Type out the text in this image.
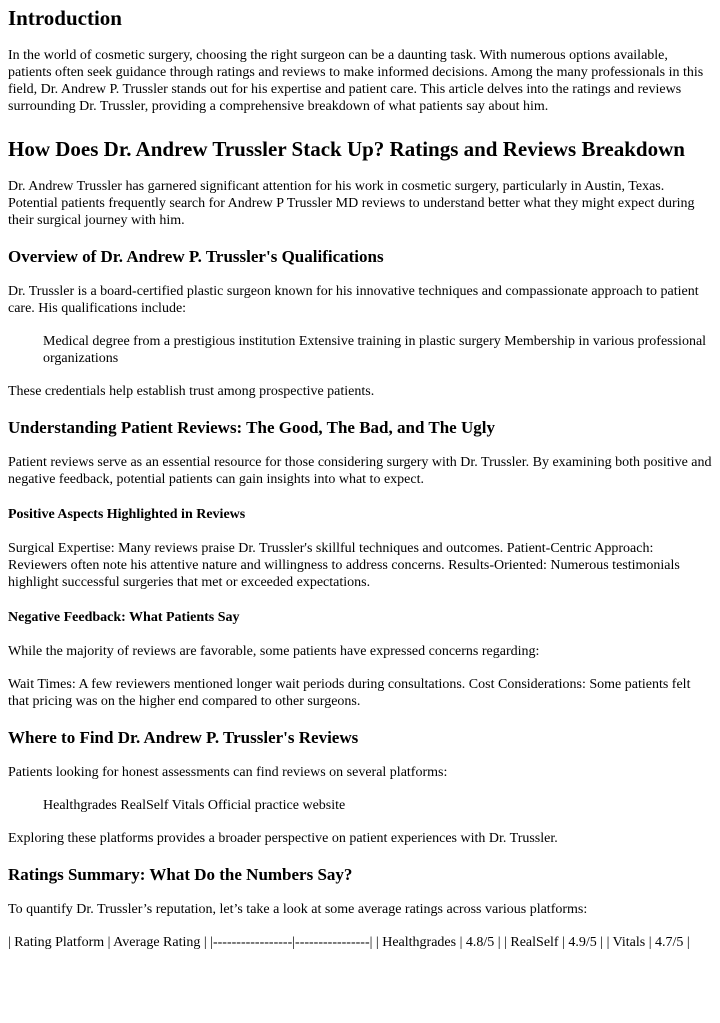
Introduction

In the world of cosmetic surgery, choosing the right surgeon can be a daunting task. With numerous options available, patients often seek guidance through ratings and reviews to make informed decisions. Among the many professionals in this field, Dr. Andrew P. Trussler stands out for his expertise and patient care. This article delves into the ratings and reviews surrounding Dr. Trussler, providing a comprehensive breakdown of what patients say about him.

How Does Dr. Andrew Trussler Stack Up? Ratings and Reviews Breakdown

Dr. Andrew Trussler has garnered significant attention for his work in cosmetic surgery, particularly in Austin, Texas. Potential patients frequently search for Andrew P Trussler MD reviews to understand better what they might expect during their surgical journey with him.

Overview of Dr. Andrew P. Trussler's Qualifications

Dr. Trussler is a board-certified plastic surgeon known for his innovative techniques and compassionate approach to patient care. His qualifications include:

Medical degree from a prestigious institution Extensive training in plastic surgery Membership in various professional organizations

These credentials help establish trust among prospective patients.

Understanding Patient Reviews: The Good, The Bad, and The Ugly

Patient reviews serve as an essential resource for those considering surgery with Dr. Trussler. By examining both positive and negative feedback, potential patients can gain insights into what to expect.

Positive Aspects Highlighted in Reviews

Surgical Expertise: Many reviews praise Dr. Trussler's skillful techniques and outcomes. Patient-Centric Approach: Reviewers often note his attentive nature and willingness to address concerns. Results-Oriented: Numerous testimonials highlight successful surgeries that met or exceeded expectations.

Negative Feedback: What Patients Say

While the majority of reviews are favorable, some patients have expressed concerns regarding:

Wait Times: A few reviewers mentioned longer wait periods during consultations. Cost Considerations: Some patients felt that pricing was on the higher end compared to other surgeons.

Where to Find Dr. Andrew P. Trussler's Reviews

Patients looking for honest assessments can find reviews on several platforms:

Healthgrades RealSelf Vitals Official practice website

Exploring these platforms provides a broader perspective on patient experiences with Dr. Trussler.

Ratings Summary: What Do the Numbers Say?

To quantify Dr. Trussler’s reputation, let’s take a look at some average ratings across various platforms:

| Rating Platform | Average Rating | |-----------------|----------------| | Healthgrades | 4.8/5 | | RealSelf | 4.9/5 | | Vitals | 4.7/5 |
